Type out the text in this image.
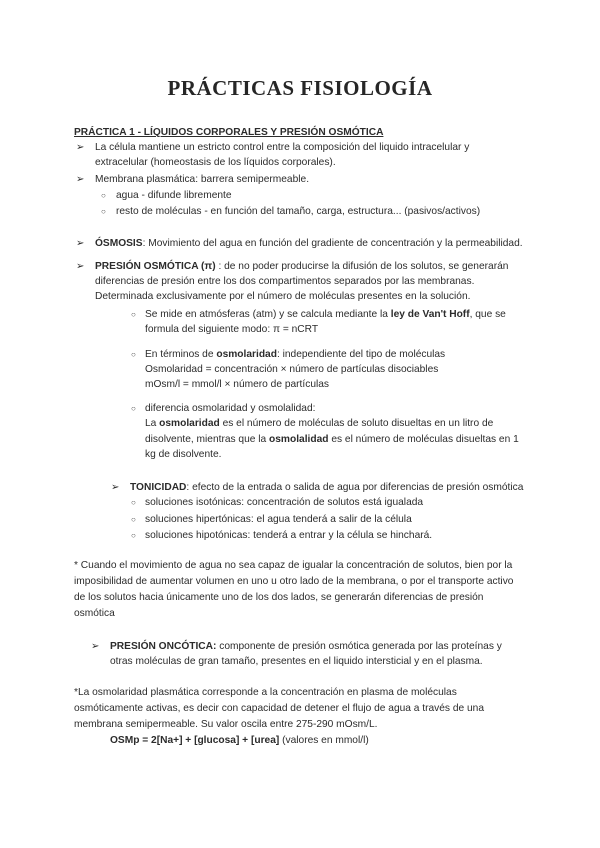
PRÁCTICAS FISIOLOGÍA
PRÁCTICA 1 - LÍQUIDOS CORPORALES Y PRESIÓN OSMÓTICA
➢ La célula mantiene un estricto control entre la composición del liquido intracelular y
extracelular (homeostasis de los líquidos corporales).
➢ Membrana plasmática: barrera semipermeable.
○ agua - difunde libremente
○ resto de moléculas - en función del tamaño, carga, estructura... (pasivos/activos)
➢ ÓSMOSIS: Movimiento del agua en función del gradiente de concentración y la permeabilidad.
➢ PRESIÓN OSMÓTICA (π) : de no poder producirse la difusión de los solutos, se generarán
diferencias de presión entre los dos compartimentos separados por las membranas.
Determinada exclusivamente por el número de moléculas presentes en la solución.
○ Se mide en atmósferas (atm) y se calcula mediante la ley de Van't Hoff, que se
formula del siguiente modo: π = nCRT
○ En términos de osmolaridad: independiente del tipo de moléculas
Osmolaridad = concentración × número de partículas disociables
mOsm/l = mmol/l × número de partículas
○ diferencia osmolaridad y osmolalidad:
La osmolaridad es el número de moléculas de soluto disueltas en un litro de
disolvente, mientras que la osmolalidad es el número de moléculas disueltas en 1
kg de disolvente.
➢ TONICIDAD: efecto de la entrada o salida de agua por diferencias de presión osmótica
○ soluciones isotónicas: concentración de solutos está igualada
○ soluciones hipertónicas: el agua tenderá a salir de la célula
○ soluciones hipotónicas: tenderá a entrar y la célula se hinchará.
* Cuando el movimiento de agua no sea capaz de igualar la concentración de solutos, bien por la
imposibilidad de aumentar volumen en uno u otro lado de la membrana, o por el transporte activo
de los solutos hacia únicamente uno de los dos lados, se generarán diferencias de presión
osmótica
➢ PRESIÓN ONCÓTICA: componente de presión osmótica generada por las proteínas y
otras moléculas de gran tamaño, presentes en el liquido intersticial y en el plasma.
*La osmolaridad plasmática corresponde a la concentración en plasma de moléculas
osmóticamente activas, es decir con capacidad de detener el flujo de agua a través de una
membrana semipermeable. Su valor oscila entre 275-290 mOsm/L.
OSMp = 2[Na+] + [glucosa] + [urea] (valores en mmol/l)
